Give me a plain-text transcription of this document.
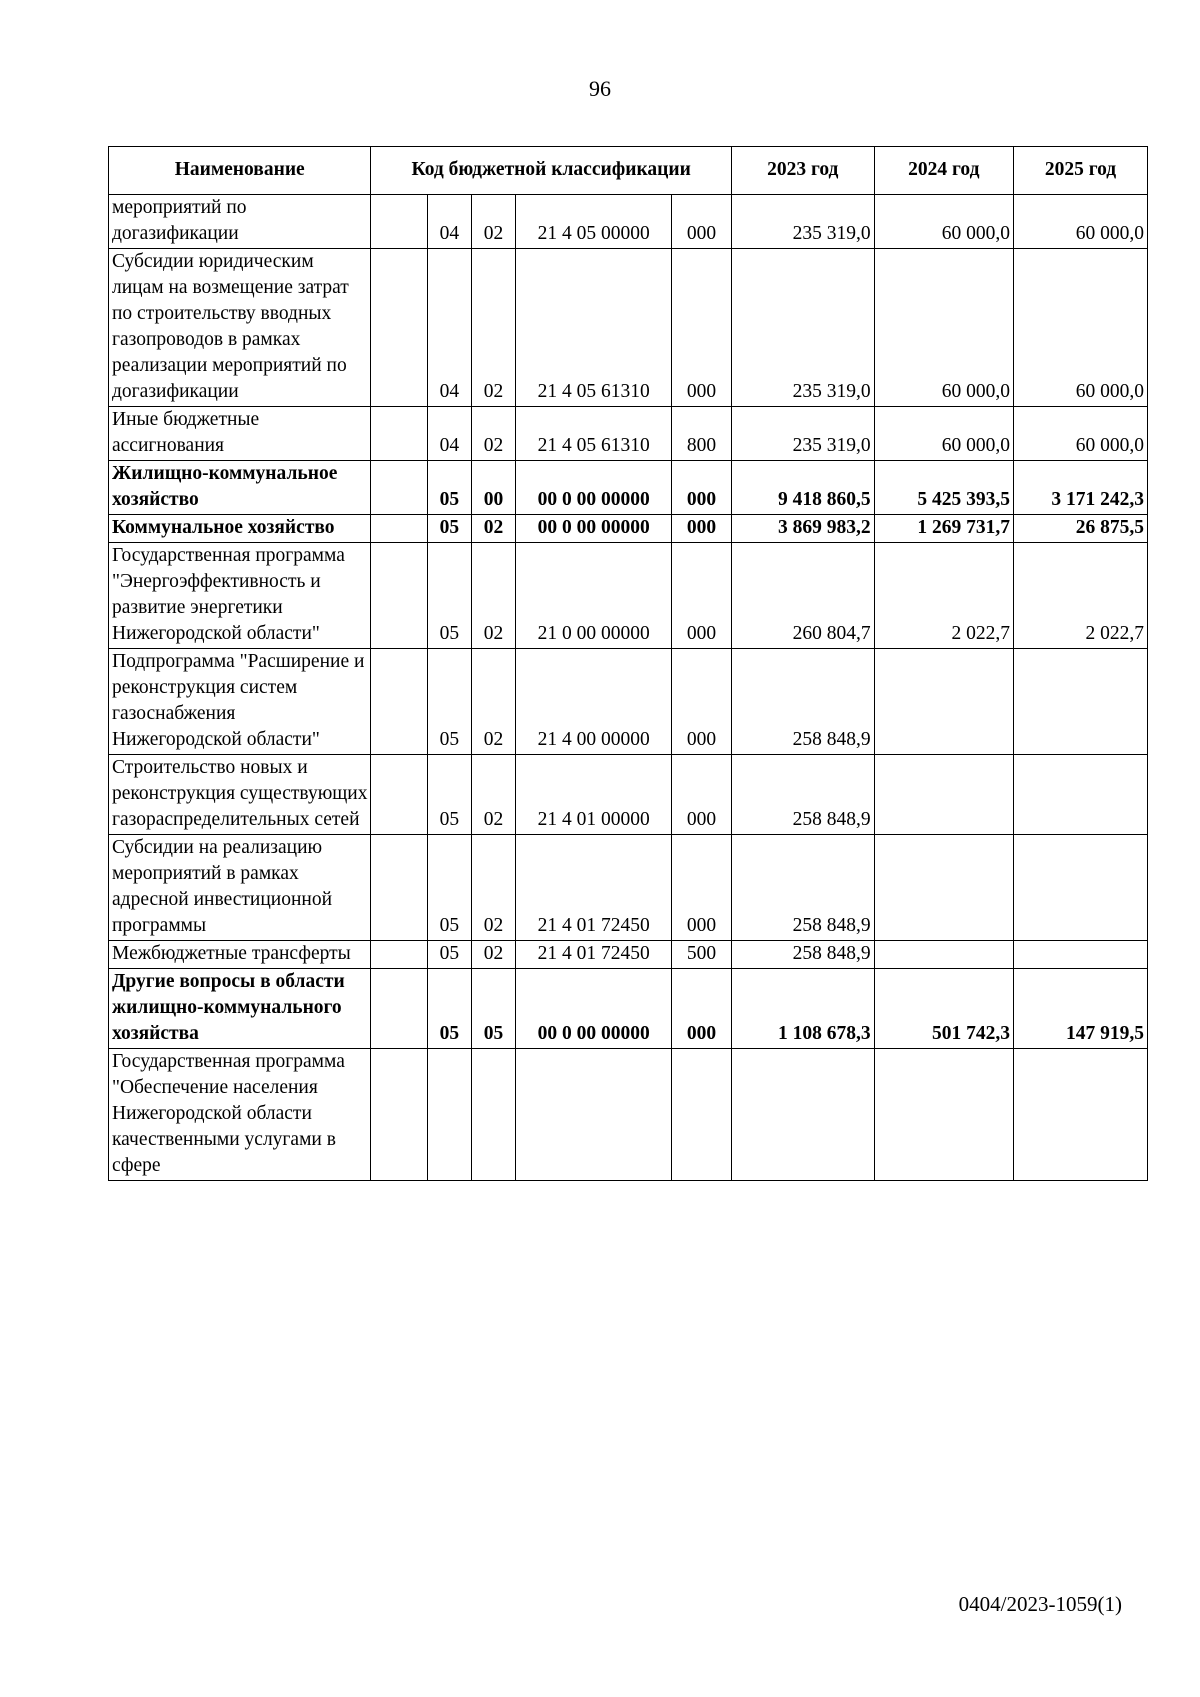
96
Наименование	Код бюджетной классификации					2023 год	2024 год	2025 год
мероприятий по догазификации		04	02	21 4 05 00000	000	235 319,0	60 000,0	60 000,0
Субсидии юридическим лицам на возмещение затрат по строительству вводных газопроводов в рамках реализации мероприятий по догазификации		04	02	21 4 05 61310	000	235 319,0	60 000,0	60 000,0
Иные бюджетные ассигнования		04	02	21 4 05 61310	800	235 319,0	60 000,0	60 000,0
Жилищно-коммунальное хозяйство		05	00	00 0 00 00000	000	9 418 860,5	5 425 393,5	3 171 242,3
Коммунальное хозяйство		05	02	00 0 00 00000	000	3 869 983,2	1 269 731,7	26 875,5
Государственная программа "Энергоэффективность и развитие энергетики Нижегородской области"		05	02	21 0 00 00000	000	260 804,7	2 022,7	2 022,7
Подпрограмма "Расширение и реконструкция систем газоснабжения Нижегородской области"		05	02	21 4 00 00000	000	258 848,9		
Строительство новых и реконструкция существующих газораспределительных сетей		05	02	21 4 01 00000	000	258 848,9		
Субсидии на реализацию мероприятий в рамках адресной инвестиционной программы		05	02	21 4 01 72450	000	258 848,9		
Межбюджетные трансферты		05	02	21 4 01 72450	500	258 848,9		
Другие вопросы в области жилищно-коммунального хозяйства		05	05	00 0 00 00000	000	1 108 678,3	501 742,3	147 919,5
Государственная программа "Обеспечение населения Нижегородской области качественными услугами в сфере								
0404/2023-1059(1)
